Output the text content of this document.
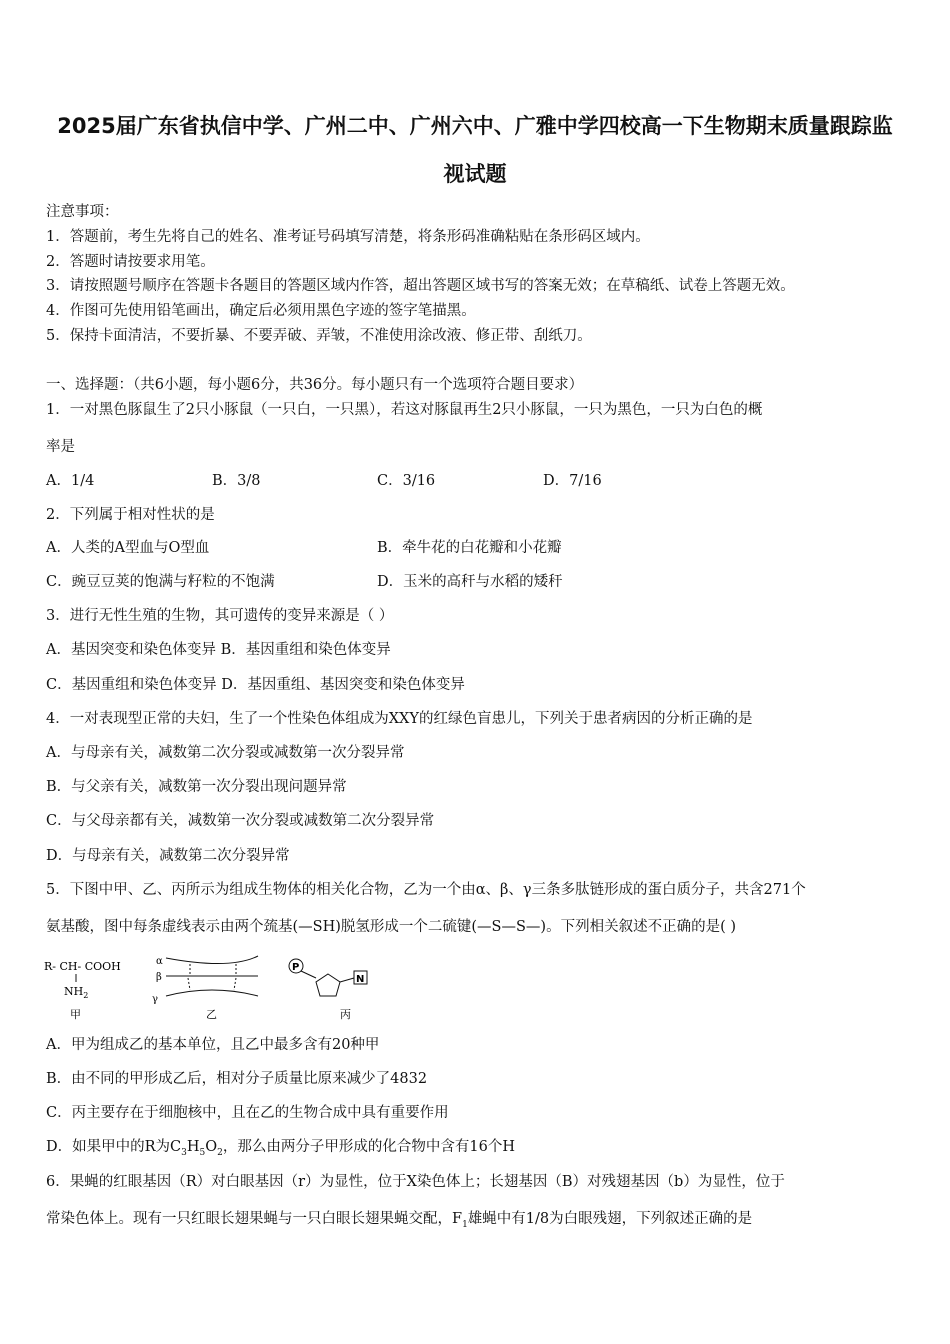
2025届广东省执信中学、广州二中、广州六中、广雅中学四校高一下生物期末质量跟踪监
视试题
注意事项：
1．答题前，考生先将自己的姓名、准考证号码填写清楚，将条形码准确粘贴在条形码区域内。
2．答题时请按要求用笔。
3．请按照题号顺序在答题卡各题目的答题区域内作答，超出答题区域书写的答案无效；在草稿纸、试卷上答题无效。
4．作图可先使用铅笔画出，确定后必须用黑色字迹的签字笔描黑。
5．保持卡面清洁，不要折暴、不要弄破、弄皱，不准使用涂改液、修正带、刮纸刀。
一、选择题：（共6小题，每小题6分，共36分。每小题只有一个选项符合题目要求）
1．一对黑色豚鼠生了2只小豚鼠（一只白，一只黑），若这对豚鼠再生2只小豚鼠，一只为黑色，一只为白色的概
率是
A．1/4	B．3/8	C．3/16	D．7/16
2．下列属于相对性状的是
A．人类的A型血与O型血	B．牵牛花的白花瓣和小花瓣
C．豌豆豆荚的饱满与籽粒的不饱满	D．玉米的高秆与水稻的矮秆
3．进行无性生殖的生物，其可遗传的变异来源是（ ）
A．基因突变和染色体变异 B．基因重组和染色体变异
C．基因重组和染色体变异 D．基因重组、基因突变和染色体变异
4．一对表现型正常的夫妇，生了一个性染色体组成为XXY的红绿色盲患儿，下列关于患者病因的分析正确的是
A．与母亲有关，减数第二次分裂或减数第一次分裂异常
B．与父亲有关，减数第一次分裂出现问题异常
C．与父母亲都有关，减数第一次分裂或减数第二次分裂异常
D．与母亲有关，减数第二次分裂异常
5．下图中甲、乙、丙所示为组成生物体的相关化合物，乙为一个由α、β、γ三条多肽链形成的蛋白质分子，共含271个
氨基酸，图中每条虚线表示由两个巯基(—SH)脱氢形成一个二硫键(—S—S—)。下列相关叙述不正确的是( )
R- CH- COOH
$NH_2$
甲
α
β
γ
乙
P
N
丙
A．甲为组成乙的基本单位，且乙中最多含有20种甲
B．由不同的甲形成乙后，相对分子质量比原来减少了4832
C．丙主要存在于细胞核中，且在乙的生物合成中具有重要作用
D．如果甲中的R为$C_3H_5O_2$，那么由两分子甲形成的化合物中含有16个H
6．果蝇的红眼基因（R）对白眼基因（r）为显性，位于X染色体上；长翅基因（B）对残翅基因（b）为显性，位于
常染色体上。现有一只红眼长翅果蝇与一只白眼长翅果蝇交配，$F_1$雄蝇中有1/8为白眼残翅，下列叙述正确的是
